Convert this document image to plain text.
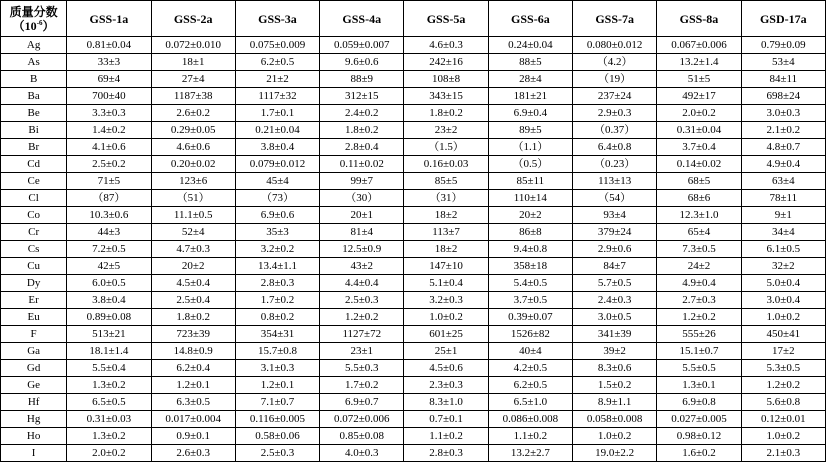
质量分数
$(10^{-6})$	GSS-1a	GSS-2a	GSS-3a	GSS-4a	GSS-5a	GSS-6a	GSS-7a	GSS-8a	GSD-17a
Ag	0.81±0.04	0.072±0.010	0.075±0.009	0.059±0.007	4.6±0.3	0.24±0.04	0.080±0.012	0.067±0.006	0.79±0.09
As	33±3	18±1	6.2±0.5	9.6±0.6	242±16	88±5	（4.2）	13.2±1.4	53±4
B	69±4	27±4	21±2	88±9	108±8	28±4	（19）	51±5	84±11
Ba	700±40	1187±38	1117±32	312±15	343±15	181±21	237±24	492±17	698±24
Be	3.3±0.3	2.6±0.2	1.7±0.1	2.4±0.2	1.8±0.2	6.9±0.4	2.9±0.3	2.0±0.2	3.0±0.3
Bi	1.4±0.2	0.29±0.05	0.21±0.04	1.8±0.2	23±2	89±5	（0.37）	0.31±0.04	2.1±0.2
Br	4.1±0.6	4.6±0.6	3.8±0.4	2.8±0.4	（1.5）	（1.1）	6.4±0.8	3.7±0.4	4.8±0.7
Cd	2.5±0.2	0.20±0.02	0.079±0.012	0.11±0.02	0.16±0.03	（0.5）	（0.23）	0.14±0.02	4.9±0.4
Ce	71±5	123±6	45±4	99±7	85±5	85±11	113±13	68±5	63±4
Cl	（87）	（51）	（73）	（30）	（31）	110±14	（54）	68±6	78±11
Co	10.3±0.6	11.1±0.5	6.9±0.6	20±1	18±2	20±2	93±4	12.3±1.0	9±1
Cr	44±3	52±4	35±3	81±4	113±7	86±8	379±24	65±4	34±4
Cs	7.2±0.5	4.7±0.3	3.2±0.2	12.5±0.9	18±2	9.4±0.8	2.9±0.6	7.3±0.5	6.1±0.5
Cu	42±5	20±2	13.4±1.1	43±2	147±10	358±18	84±7	24±2	32±2
Dy	6.0±0.5	4.5±0.4	2.8±0.3	4.4±0.4	5.1±0.4	5.4±0.5	5.7±0.5	4.9±0.4	5.0±0.4
Er	3.8±0.4	2.5±0.4	1.7±0.2	2.5±0.3	3.2±0.3	3.7±0.5	2.4±0.3	2.7±0.3	3.0±0.4
Eu	0.89±0.08	1.8±0.2	0.8±0.2	1.2±0.2	1.0±0.2	0.39±0.07	3.0±0.5	1.2±0.2	1.0±0.2
F	513±21	723±39	354±31	1127±72	601±25	1526±82	341±39	555±26	450±41
Ga	18.1±1.4	14.8±0.9	15.7±0.8	23±1	25±1	40±4	39±2	15.1±0.7	17±2
Gd	5.5±0.4	6.2±0.4	3.1±0.3	5.5±0.3	4.5±0.6	4.2±0.5	8.3±0.6	5.5±0.5	5.3±0.5
Ge	1.3±0.2	1.2±0.1	1.2±0.1	1.7±0.2	2.3±0.3	6.2±0.5	1.5±0.2	1.3±0.1	1.2±0.2
Hf	6.5±0.5	6.3±0.5	7.1±0.7	6.9±0.7	8.3±1.0	6.5±1.0	8.9±1.1	6.9±0.8	5.6±0.8
Hg	0.31±0.03	0.017±0.004	0.116±0.005	0.072±0.006	0.7±0.1	0.086±0.008	0.058±0.008	0.027±0.005	0.12±0.01
Ho	1.3±0.2	0.9±0.1	0.58±0.06	0.85±0.08	1.1±0.2	1.1±0.2	1.0±0.2	0.98±0.12	1.0±0.2
I	2.0±0.2	2.6±0.3	2.5±0.3	4.0±0.3	2.8±0.3	13.2±2.7	19.0±2.2	1.6±0.2	2.1±0.3
